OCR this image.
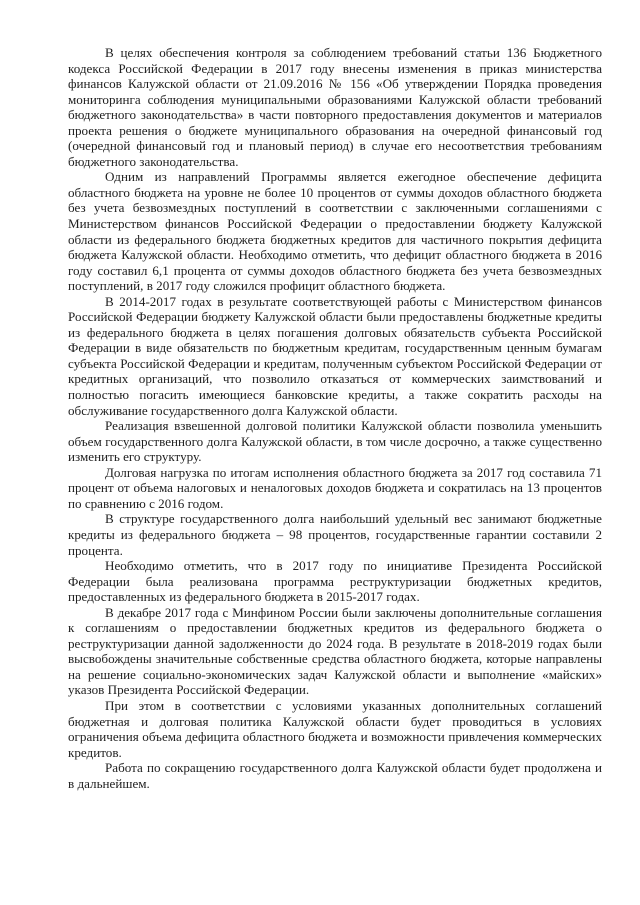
В целях обеспечения контроля за соблюдением требований статьи 136 Бюджетного кодекса Российской Федерации в 2017 году внесены изменения в приказ министерства финансов Калужской области от 21.09.2016 № 156 «Об утверждении Порядка проведения мониторинга соблюдения муниципальными образованиями Калужской области требований бюджетного законодательства» в части повторного предоставления документов и материалов проекта решения о бюджете муниципального образования на очередной финансовый год (очередной финансовый год и плановый период) в случае его несоответствия требованиям бюджетного законодательства.

Одним из направлений Программы является ежегодное обеспечение дефицита областного бюджета на уровне не более 10 процентов от суммы доходов областного бюджета без учета безвозмездных поступлений в соответствии с заключенными соглашениями с Министерством финансов Российской Федерации о предоставлении бюджету Калужской области из федерального бюджета бюджетных кредитов для частичного покрытия дефицита бюджета Калужской области. Необходимо отметить, что дефицит областного бюджета в 2016 году составил 6,1 процента от суммы доходов областного бюджета без учета безвозмездных поступлений, в 2017 году сложился профицит областного бюджета.

В 2014-2017 годах в результате соответствующей работы с Министерством финансов Российской Федерации бюджету Калужской области были предоставлены бюджетные кредиты из федерального бюджета в целях погашения долговых обязательств субъекта Российской Федерации в виде обязательств по бюджетным кредитам, государственным ценным бумагам субъекта Российской Федерации и кредитам, полученным субъектом Российской Федерации от кредитных организаций, что позволило отказаться от коммерческих заимствований и полностью погасить имеющиеся банковские кредиты, а также сократить расходы на обслуживание государственного долга Калужской области.

Реализация взвешенной долговой политики Калужской области позволила уменьшить объем государственного долга Калужской области, в том числе досрочно, а также существенно изменить его структуру.

Долговая нагрузка по итогам исполнения областного бюджета за 2017 год составила 71 процент от объема налоговых и неналоговых доходов бюджета и сократилась на 13 процентов по сравнению с 2016 годом.

В структуре государственного долга наибольший удельный вес занимают бюджетные кредиты из федерального бюджета – 98 процентов, государственные гарантии составили 2 процента.

Необходимо отметить, что в 2017 году по инициативе Президента Российской Федерации была реализована программа реструктуризации бюджетных кредитов, предоставленных из федерального бюджета в 2015-2017 годах.

В декабре 2017 года с Минфином России были заключены дополнительные соглашения к соглашениям о предоставлении бюджетных кредитов из федерального бюджета о реструктуризации данной задолженности до 2024 года. В результате в 2018-2019 годах были высвобождены значительные собственные средства областного бюджета, которые направлены на решение социально-экономических задач Калужской области и выполнение «майских» указов Президента Российской Федерации.

При этом в соответствии с условиями указанных дополнительных соглашений бюджетная и долговая политика Калужской области будет проводиться в условиях ограничения объема дефицита областного бюджета и возможности привлечения коммерческих кредитов.

Работа по сокращению государственного долга Калужской области будет продолжена и в дальнейшем.
